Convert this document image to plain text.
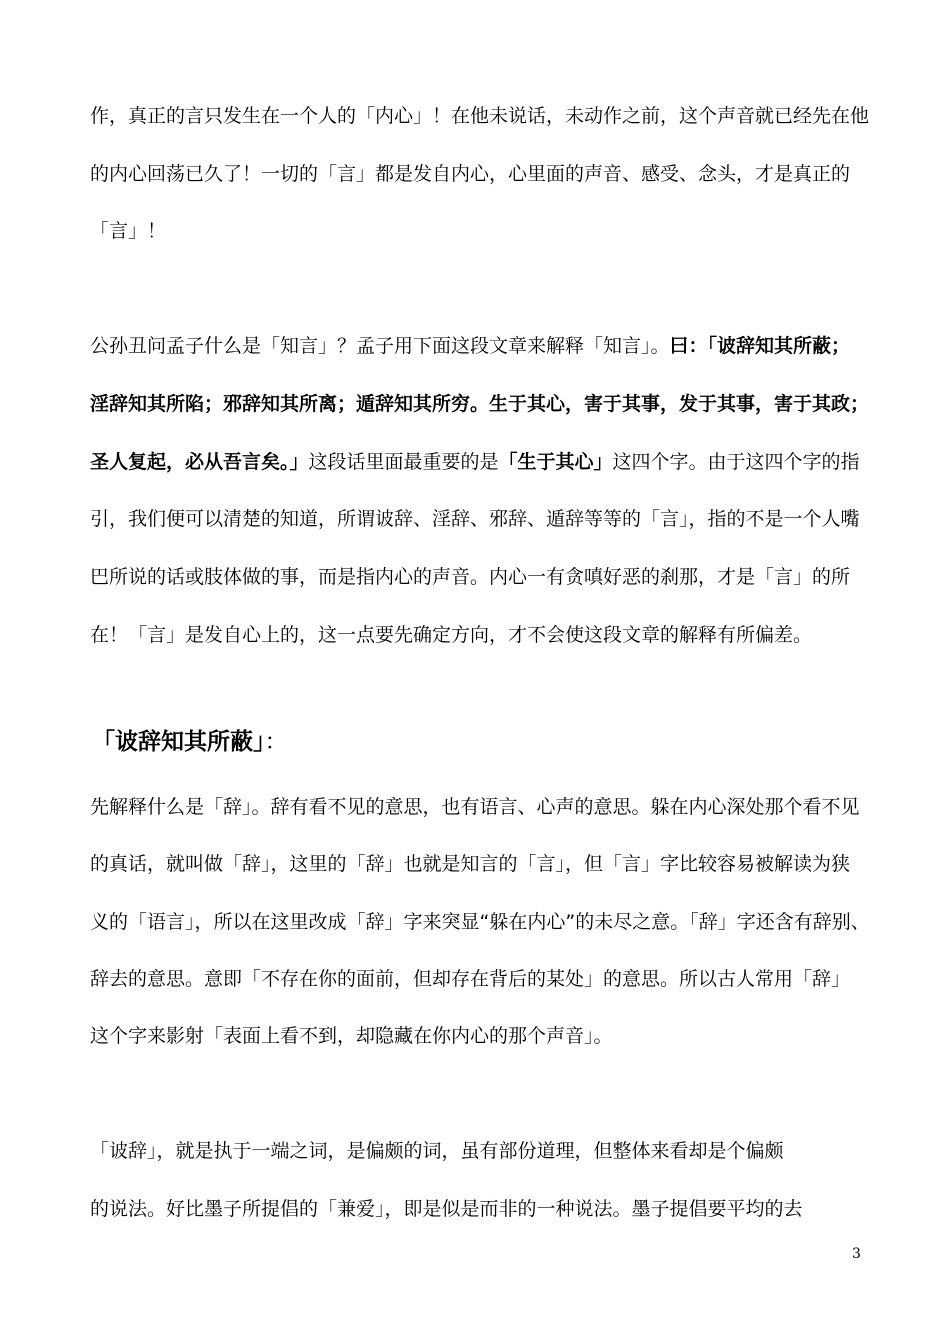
作，真正的言只发生在一个人的「内心」！在他未说话，未动作之前，这个声音就已经先在他

的内心回荡已久了！一切的「言」都是发自内心，心里面的声音、感受、念头，才是真正的

「言」！

公孙丑问孟子什么是「知言」？孟子用下面这段文章来解释「知言」。曰：「诐辞知其所蔽；

淫辞知其所陷；邪辞知其所离；遁辞知其所穷。生于其心，害于其事，发于其事，害于其政；

圣人复起，必从吾言矣。」这段话里面最重要的是「生于其心」这四个字。由于这四个字的指

引，我们便可以清楚的知道，所谓诐辞、淫辞、邪辞、遁辞等等的「言」，指的不是一个人嘴

巴所说的话或肢体做的事，而是指内心的声音。内心一有贪嗔好恶的刹那，才是「言」的所

在！「言」是发自心上的，这一点要先确定方向，才不会使这段文章的解释有所偏差。

「诐辞知其所蔽」：

先解释什么是「辞」。辞有看不见的意思，也有语言、心声的意思。躲在内心深处那个看不见

的真话，就叫做「辞」，这里的「辞」也就是知言的「言」，但「言」字比较容易被解读为狭

义的「语言」，所以在这里改成「辞」字来突显“躲在内心”的未尽之意。「辞」字还含有辞别、

辞去的意思。意即「不存在你的面前，但却存在背后的某处」的意思。所以古人常用「辞」

这个字来影射「表面上看不到，却隐藏在你内心的那个声音」。

「诐辞」，就是执于一端之词，是偏颇的词，虽有部份道理，但整体来看却是个偏颇

的说法。好比墨子所提倡的「兼爱」，即是似是而非的一种说法。墨子提倡要平均的去

3
